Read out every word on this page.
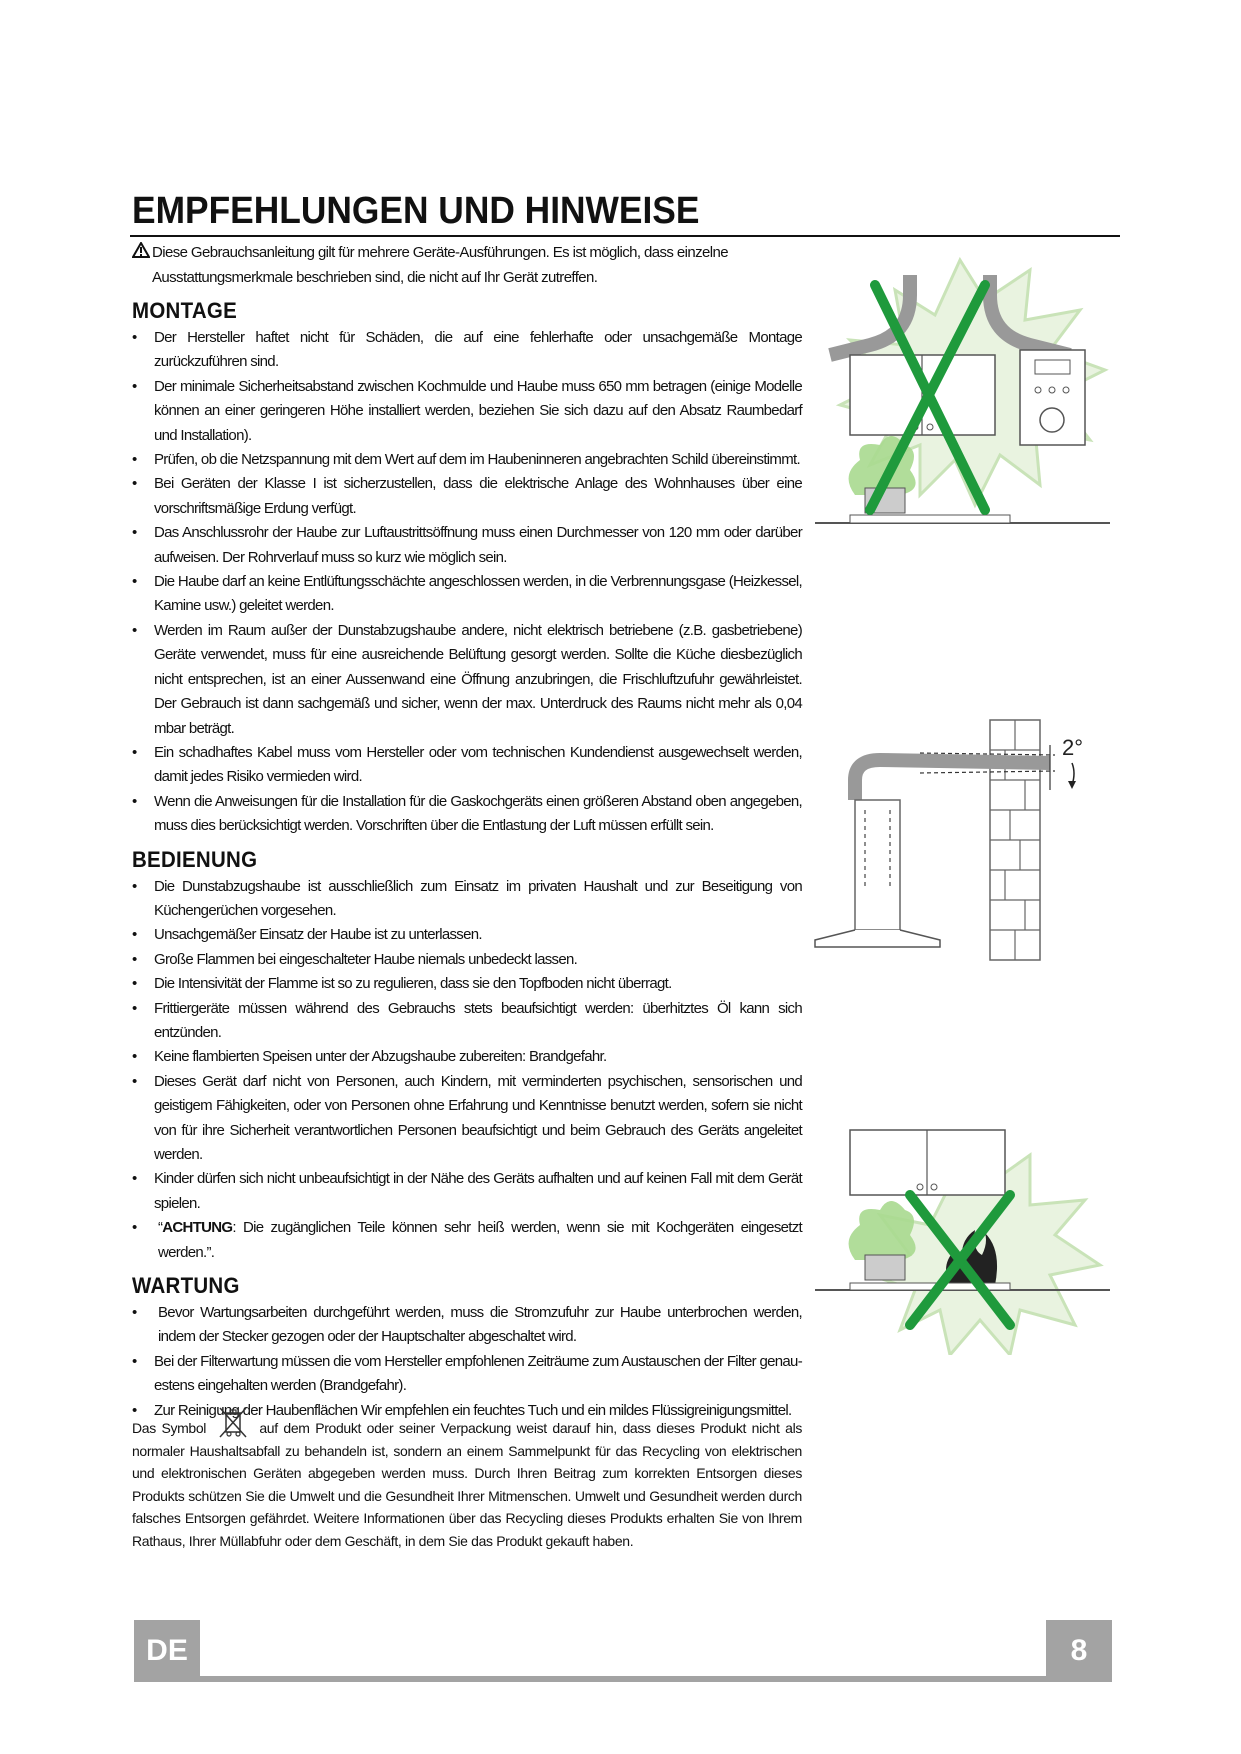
EMPFEHLUNGEN UND HINWEISE

Diese Gebrauchsanleitung gilt für mehrere Geräte-Ausführungen. Es ist möglich, dass einzelne Ausstattungsmerkmale beschrieben sind, die nicht auf Ihr Gerät zutreffen.

MONTAGE
• Der Hersteller haftet nicht für Schäden, die auf eine fehlerhafte oder unsachgemäße Montage zurückzuführen sind.
• Der minimale Sicherheitsabstand zwischen Kochmulde und Haube muss 650 mm betragen (einige Modelle können an einer geringeren Höhe installiert werden, beziehen Sie sich dazu auf den Absatz Raumbedarf und Installation).
• Prüfen, ob die Netzspannung mit dem Wert auf dem im Haubeninneren angebrachten Schild übereinstimmt.
• Bei Geräten der Klasse I ist sicherzustellen, dass die elektrische Anlage des Wohnhauses über eine vorschriftsmäßige Erdung verfügt.
• Das Anschlussrohr der Haube zur Luftaustrittsöffnung muss einen Durchmesser von 120 mm oder darüber aufweisen. Der Rohrverlauf muss so kurz wie möglich sein.
• Die Haube darf an keine Entlüftungsschächte angeschlossen werden, in die Verbrennungsgase (Heizkessel, Kamine usw.) geleitet werden.
• Werden im Raum außer der Dunstabzugshaube andere, nicht elektrisch betriebene (z.B. gasbetriebene) Geräte verwendet, muss für eine ausreichende Belüftung gesorgt werden. Sollte die Küche diesbezüglich nicht entsprechen, ist an einer Aussenwand eine Öffnung anzubringen, die Frischluftzufuhr gewährleistet. Der Gebrauch ist dann sachgemäß und sicher, wenn der max. Unterdruck des Raums nicht mehr als 0,04 mbar beträgt.
• Ein schadhaftes Kabel muss vom Hersteller oder vom technischen Kundendienst ausgewechselt werden, damit jedes Risiko vermieden wird.
• Wenn die Anweisungen für die Installation für die Gaskochgeräts einen größeren Abstand oben angegeben, muss dies berücksichtigt werden. Vorschriften über die Entlastung der Luft müssen erfüllt sein.
BEDIENUNG
• Die Dunstabzugshaube ist ausschließlich zum Einsatz im privaten Haushalt und zur Beseitigung von Küchengerüchen vorgesehen.
• Unsachgemäßer Einsatz der Haube ist zu unterlassen.
• Große Flammen bei eingeschalteter Haube niemals unbedeckt lassen.
• Die Intensivität der Flamme ist so zu regulieren, dass sie den Topfboden nicht überragt.
• Frittiergeräte müssen während des Gebrauchs stets beaufsichtigt werden: überhitztes Öl kann sich entzünden.
• Keine flambierten Speisen unter der Abzugshaube zubereiten: Brandgefahr.
• Dieses Gerät darf nicht von Personen, auch Kindern, mit verminderten psychischen, sensorischen und geistigem Fähigkeiten, oder von Personen ohne Erfahrung und Kenntnisse benutzt werden, sofern sie nicht von für ihre Sicherheit verantwortlichen Personen beaufsichtigt und beim Gebrauch des Geräts angeleitet werden.
• Kinder dürfen sich nicht unbeaufsichtigt in der Nähe des Geräts aufhalten und auf keinen Fall mit dem Gerät spielen.
• “ACHTUNG: Die zugänglichen Teile können sehr heiß werden, wenn sie mit Kochgeräten eingesetzt werden.”.
WARTUNG
• Bevor Wartungsarbeiten durchgeführt werden, muss die Stromzufuhr zur Haube unterbrochen werden, indem der Stecker gezogen oder der Hauptschalter abgeschaltet wird.
• Bei der Filterwartung müssen die vom Hersteller empfohlenen Zeiträume zum Austauschen der Filter genau-estens eingehalten werden (Brandgefahr).
• Zur Reinigung der Haubenflächen Wir empfehlen ein feuchtes Tuch und ein mildes Flüssigreinigungsmittel.
Das Symbol	auf dem Produkt oder seiner Verpackung weist darauf hin, dass dieses Produkt nicht als normaler Haushaltsabfall zu behandeln ist, sondern an einem Sammelpunkt für das Recycling von elektrischen und elektronischen Geräten abgegeben werden muss. Durch Ihren Beitrag zum korrekten Entsorgen dieses Produkts schützen Sie die Umwelt und die Gesundheit Ihrer Mitmenschen. Umwelt und Gesundheit werden durch falsches Entsorgen gefährdet. Weitere Informationen über das Recycling dieses Produkts erhalten Sie von Ihrem Rathaus, Ihrer Müllabfuhr oder dem Geschäft, in dem Sie das Produkt gekauft haben.
2°
DE	8
